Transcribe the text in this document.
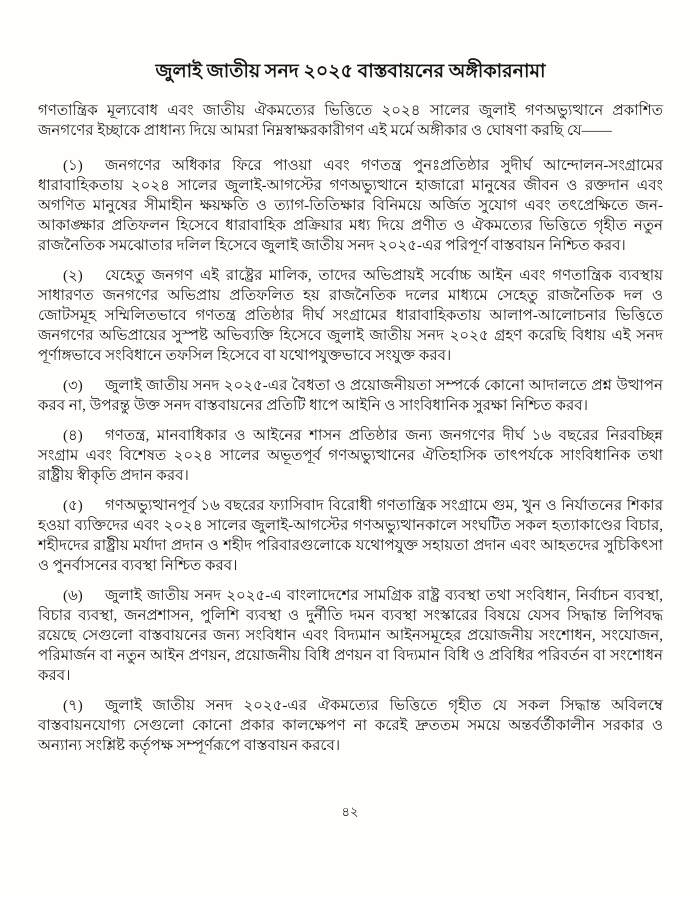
জুলাই জাতীয় সনদ ২০২৫ বাস্তবায়নের অঙ্গীকারনামা

গণতান্ত্রিক মূল্যবোধ এবং জাতীয় ঐকমত্যের ভিত্তিতে ২০২৪ সালের জুলাই গণঅভ্যুত্থানে প্রকাশিত জনগণের ইচ্ছাকে প্রাধান্য দিয়ে আমরা নিম্নস্বাক্ষরকারীগণ এই মর্মে অঙ্গীকার ও ঘোষণা করছি যে——

(১) জনগণের অধিকার ফিরে পাওয়া এবং গণতন্ত্র পুনঃপ্রতিষ্ঠার সুদীর্ঘ আন্দোলন-সংগ্রামের ধারাবাহিকতায় ২০২৪ সালের জুলাই-আগস্টের গণঅভ্যুত্থানে হাজারো মানুষের জীবন ও রক্তদান এবং অগণিত মানুষের সীমাহীন ক্ষয়ক্ষতি ও ত্যাগ-তিতিক্ষার বিনিময়ে অর্জিত সুযোগ এবং তৎপ্রেক্ষিতে জন-আকাঙ্ক্ষার প্রতিফলন হিসেবে ধারাবাহিক প্রক্রিয়ার মধ্য দিয়ে প্রণীত ও ঐকমত্যের ভিত্তিতে গৃহীত নতুন রাজনৈতিক সমঝোতার দলিল হিসেবে জুলাই জাতীয় সনদ ২০২৫-এর পরিপূর্ণ বাস্তবায়ন নিশ্চিত করব।

(২) যেহেতু জনগণ এই রাষ্ট্রের মালিক, তাদের অভিপ্রায়ই সর্বোচ্চ আইন এবং গণতান্ত্রিক ব্যবস্থায় সাধারণত জনগণের অভিপ্রায় প্রতিফলিত হয় রাজনৈতিক দলের মাধ্যমে সেহেতু রাজনৈতিক দল ও জোটসমূহ সম্মিলিতভাবে গণতন্ত্র প্রতিষ্ঠার দীর্ঘ সংগ্রামের ধারাবাহিকতায় আলাপ-আলোচনার ভিত্তিতে জনগণের অভিপ্রায়ের সুস্পষ্ট অভিব্যক্তি হিসেবে জুলাই জাতীয় সনদ ২০২৫ গ্রহণ করেছি বিধায় এই সনদ পূর্ণাঙ্গভাবে সংবিধানে তফসিল হিসেবে বা যথোপযুক্তভাবে সংযুক্ত করব।

(৩) জুলাই জাতীয় সনদ ২০২৫-এর বৈধতা ও প্রয়োজনীয়তা সম্পর্কে কোনো আদালতে প্রশ্ন উত্থাপন করব না, উপরন্তু উক্ত সনদ বাস্তবায়নের প্রতিটি ধাপে আইনি ও সাংবিধানিক সুরক্ষা নিশ্চিত করব।

(৪) গণতন্ত্র, মানবাধিকার ও আইনের শাসন প্রতিষ্ঠার জন্য জনগণের দীর্ঘ ১৬ বছরের নিরবচ্ছিন্ন সংগ্রাম এবং বিশেষত ২০২৪ সালের অভূতপূর্ব গণঅভ্যুত্থানের ঐতিহাসিক তাৎপর্যকে সাংবিধানিক তথা রাষ্ট্রীয় স্বীকৃতি প্রদান করব।

(৫) গণঅভ্যুত্থানপূর্ব ১৬ বছরের ফ্যাসিবাদ বিরোধী গণতান্ত্রিক সংগ্রামে গুম, খুন ও নির্যাতনের শিকার হওয়া ব্যক্তিদের এবং ২০২৪ সালের জুলাই-আগস্টের গণঅভ্যুত্থানকালে সংঘটিত সকল হত্যাকাণ্ডের বিচার, শহীদদের রাষ্ট্রীয় মর্যাদা প্রদান ও শহীদ পরিবারগুলোকে যথোপযুক্ত সহায়তা প্রদান এবং আহতদের সুচিকিৎসা ও পুনর্বাসনের ব্যবস্থা নিশ্চিত করব।

(৬) জুলাই জাতীয় সনদ ২০২৫-এ বাংলাদেশের সামগ্রিক রাষ্ট্র ব্যবস্থা তথা সংবিধান, নির্বাচন ব্যবস্থা, বিচার ব্যবস্থা, জনপ্রশাসন, পুলিশি ব্যবস্থা ও দুর্নীতি দমন ব্যবস্থা সংস্কারের বিষয়ে যেসব সিদ্ধান্ত লিপিবদ্ধ রয়েছে সেগুলো বাস্তবায়নের জন্য সংবিধান এবং বিদ্যমান আইনসমূহের প্রয়োজনীয় সংশোধন, সংযোজন, পরিমার্জন বা নতুন আইন প্রণয়ন, প্রয়োজনীয় বিধি প্রণয়ন বা বিদ্যমান বিধি ও প্রবিধির পরিবর্তন বা সংশোধন করব।

(৭) জুলাই জাতীয় সনদ ২০২৫-এর ঐকমত্যের ভিত্তিতে গৃহীত যে সকল সিদ্ধান্ত অবিলম্বে বাস্তবায়নযোগ্য সেগুলো কোনো প্রকার কালক্ষেপণ না করেই দ্রুততম সময়ে অন্তর্বর্তীকালীন সরকার ও অন্যান্য সংশ্লিষ্ট কর্তৃপক্ষ সম্পূর্ণরূপে বাস্তবায়ন করবে।

৪২
